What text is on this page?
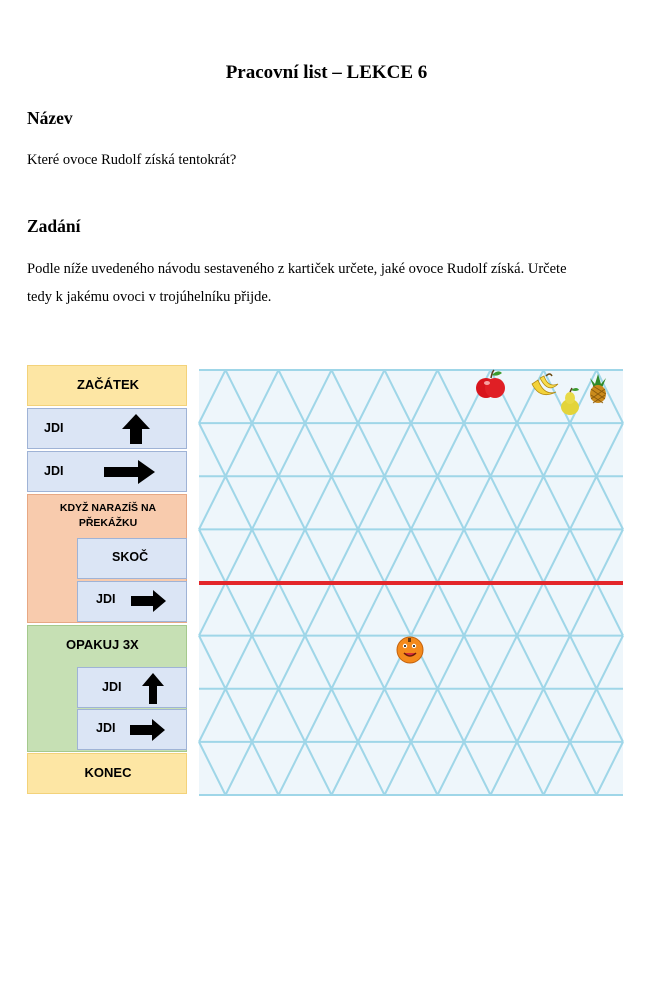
Pracovní list – LEKCE 6
Název
Které ovoce Rudolf získá tentokrát?
Zadání
Podle níže uvedeného návodu sestaveného z kartiček určete, jaké ovoce Rudolf získá. Určete
tedy k jakému ovoci v trojúhelníku přijde.
ZAČÁTEK
JDI
JDI
KDYŽ NARAZÍŠ NA
PŘEKÁŽKU
SKOČ
JDI
OPAKUJ 3X
JDI
JDI
KONEC
